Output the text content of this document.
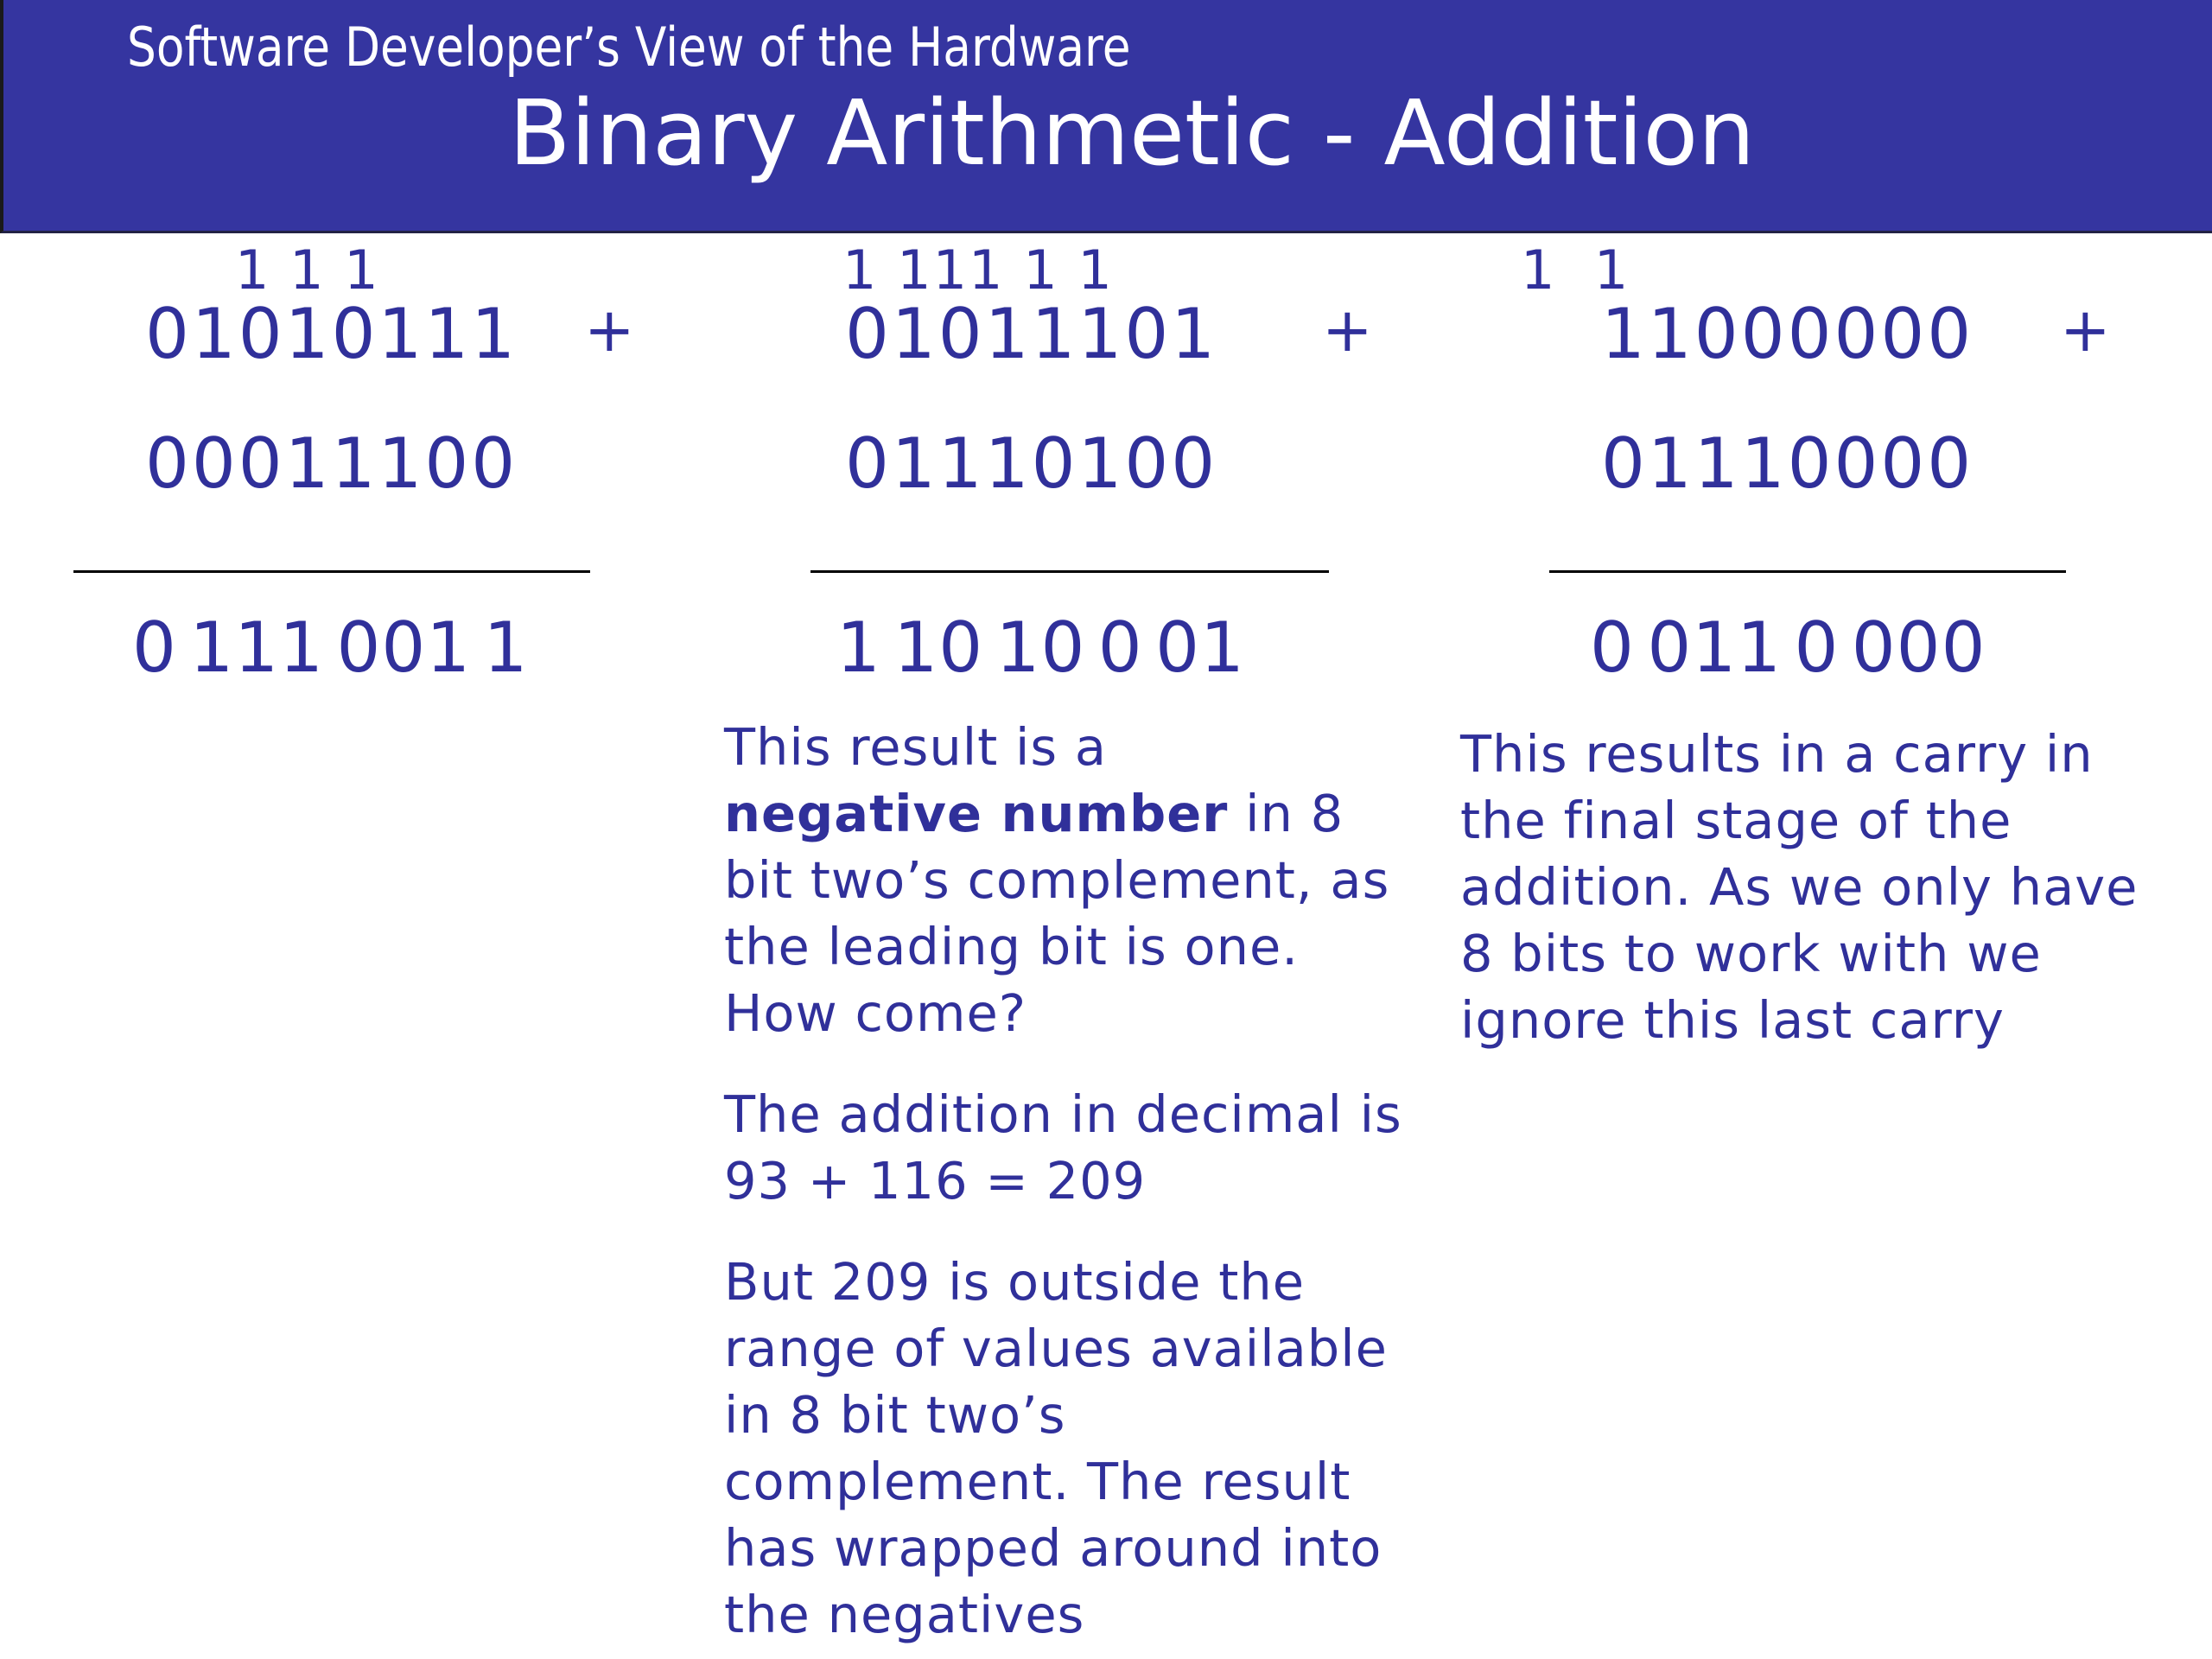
Software Developer’s View of the Hardware
Binary Arithmetic - Addition
1 1 1
01010111 +
00011100
0 111 001 1
1 111 1 1
01011101 +
01110100
1 10 10 0 01
1  1
11000000 +
01110000
0 011 0 000

This result is a
negative number in 8 bit two’s complement, as the leading bit is one. How come?

The addition in decimal is 93 + 116 = 209

But 209 is outside the range of values available in 8 bit two’s complement. The result has wrapped around into the negatives

This results in a carry in the final stage of the addition. As we only have 8 bits to work with we ignore this last carry
